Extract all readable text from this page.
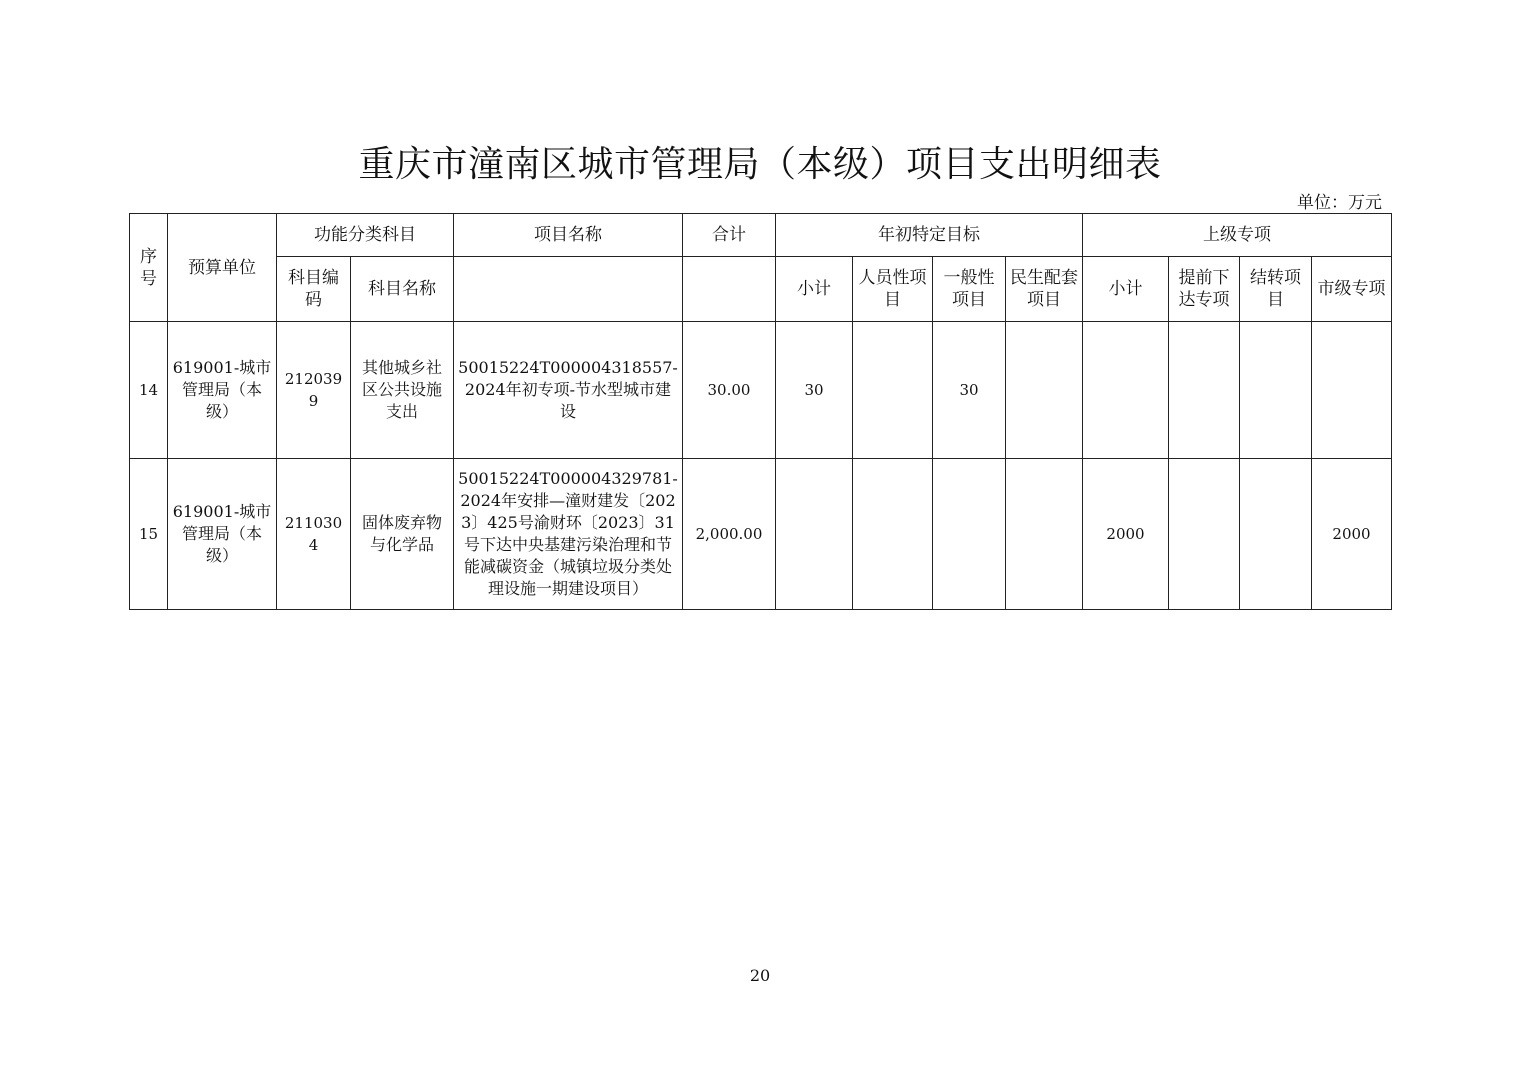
重庆市潼南区城市管理局（本级）项目支出明细表
单位：万元
序号	预算单位	功能分类科目		项目名称	合计	年初特定目标				上级专项			
		科目编码	科目名称			小计	人员性项目	一般性项目	民生配套项目	小计	提前下达专项	结转项目	市级专项
14	619001-城市管理局（本级）	2120399	其他城乡社区公共设施支出	50015224T000004318557-2024年初专项-节水型城市建设	30.00	30		30					
15	619001-城市管理局（本级）	2110304	固体废弃物与化学品	50015224T000004329781-2024年安排—潼财建发〔2023〕425号渝财环〔2023〕31号下达中央基建污染治理和节能减碳资金（城镇垃圾分类处理设施一期建设项目）	2,000.00					2000			2000
20
